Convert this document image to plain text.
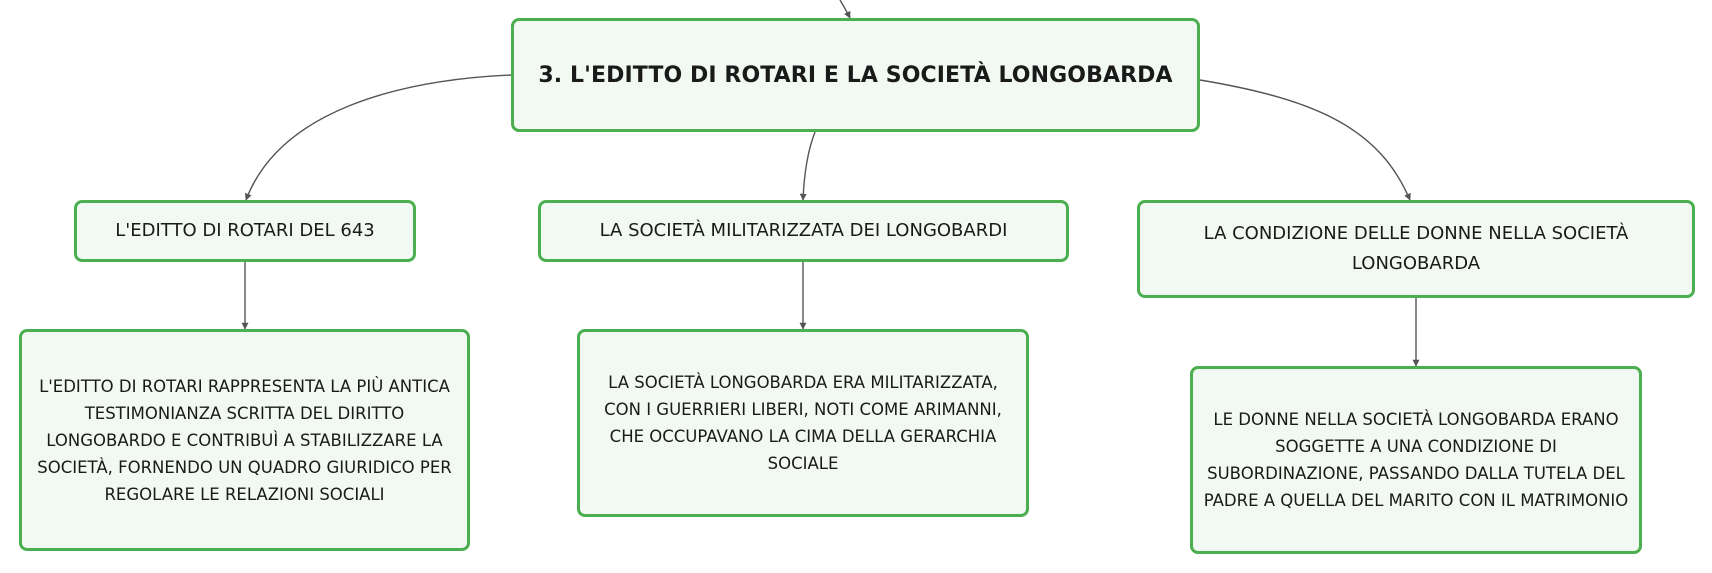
3. L'EDITTO DI ROTARI E LA SOCIETÀ LONGOBARDA
L'EDITTO DI ROTARI DEL 643	LA SOCIETÀ MILITARIZZATA DEI LONGOBARDI	LA CONDIZIONE DELLE DONNE NELLA SOCIETÀ LONGOBARDA
L'EDITTO DI ROTARI RAPPRESENTA LA PIÙ ANTICA TESTIMONIANZA SCRITTA DEL DIRITTO LONGOBARDO E CONTRIBUÌ A STABILIZZARE LA SOCIETÀ, FORNENDO UN QUADRO GIURIDICO PER REGOLARE LE RELAZIONI SOCIALI
LA SOCIETÀ LONGOBARDA ERA MILITARIZZATA, CON I GUERRIERI LIBERI, NOTI COME ARIMANNI, CHE OCCUPAVANO LA CIMA DELLA GERARCHIA SOCIALE
LE DONNE NELLA SOCIETÀ LONGOBARDA ERANO SOGGETTE A UNA CONDIZIONE DI SUBORDINAZIONE, PASSANDO DALLA TUTELA DEL PADRE A QUELLA DEL MARITO CON IL MATRIMONIO
